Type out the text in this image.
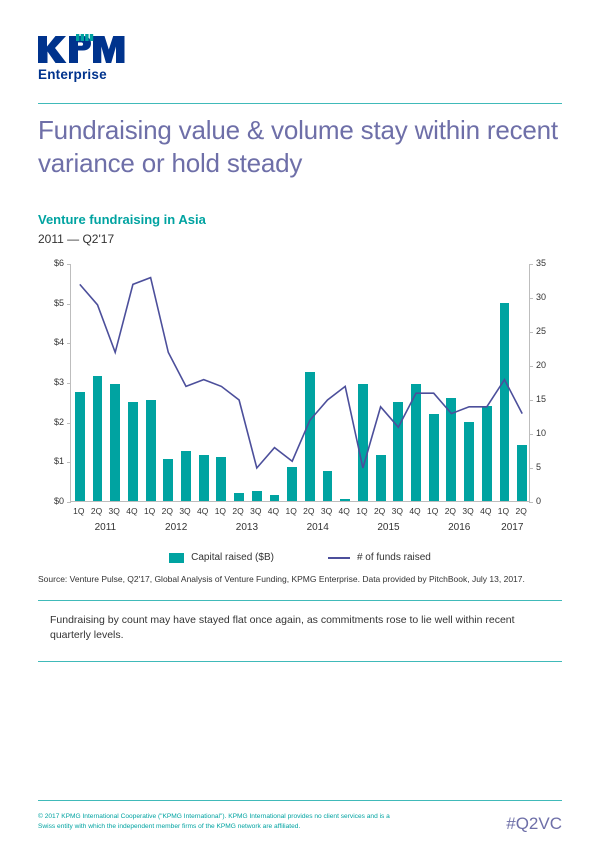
Enterprise
Fundraising value & volume stay within recent variance or hold steady
Venture fundraising in Asia
2011 — Q2'17
$0
$1
$2
$3
$4
$5
$6
0
5
10
15
20
25
30
35
1Q 2Q 3Q 4Q 1Q 2Q 3Q 4Q 1Q 2Q 3Q 4Q 1Q 2Q 3Q 4Q 1Q 2Q 3Q 4Q 1Q 2Q 3Q 4Q 1Q 2Q
2011	2012	2013	2014	2015	2016	2017
Capital raised ($B)	# of funds raised
Source: Venture Pulse, Q2'17, Global Analysis of Venture Funding, KPMG Enterprise. Data provided by PitchBook, July 13, 2017.
Fundraising by count may have stayed flat once again, as commitments rose to lie well within recent quarterly levels.
© 2017 KPMG International Cooperative ("KPMG International"). KPMG International provides no client services and is a Swiss entity with which the independent member firms of the KPMG network are affiliated.	#Q2VC
